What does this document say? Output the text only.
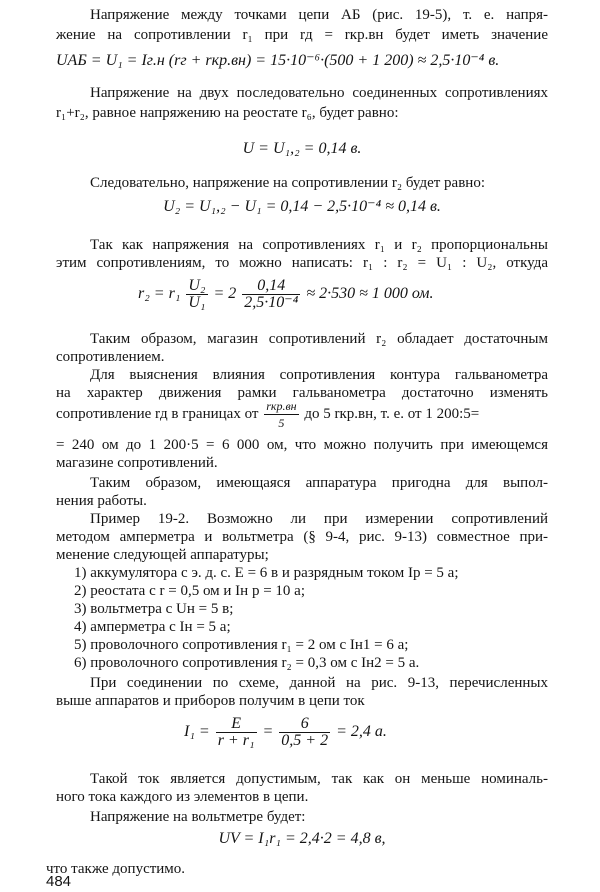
Напряжение между точками цепи АБ (рис. 19-5), т. е. напря-
жение на сопротивлении r₁ при rд = rкр.вн будет иметь значение
UАБ = U₁ = Iг.н (rг + rкр.вн) = 15·10⁻⁶·(500 + 1 200) ≈ 2,5·10⁻⁴ в.
Напряжение на двух последовательно соединенных сопротивлениях
r₁+r₂, равное напряжению на реостате r₆, будет равно:
U = U₁,₂ = 0,14 в.
Следовательно, напряжение на сопротивлении r₂ будет равно:
U₂ = U₁,₂ − U₁ = 0,14 − 2,5·10⁻⁴ ≈ 0,14 в.
Так как напряжения на сопротивлениях r₁ и r₂ пропорциональны
этим сопротивлениям, то можно написать: r₁ : r₂ = U₁ : U₂, откуда
$r_2 = r_1 \frac{\text{U₂}}{\text{U₁}} = 2 \frac{0,14}{\text{2,5·10⁻⁴}} \approx 2\cdot 530 \approx 1$ 000 ом.
Таким образом, магазин сопротивлений r₂ обладает достаточным
сопротивлением.
Для выяснения влияния сопротивления контура гальванометра
на характер движения рамки гальванометра достаточно изменять
сопротивление rд в границах от $\frac{\text{rкр.вн}}{5}$ до 5 rкр.вн, т. е. от 1 200:5=
= 240 ом до 1 200·5 = 6 000 ом, что можно получить при имеющемся
магазине сопротивлений.
Таким образом, имеющаяся аппаратура пригодна для выпол-
нения работы.
Пример 19-2. Возможно ли при измерении сопротивлений
методом амперметра и вольтметра (§ 9-4, рис. 9-13) совместное при-
менение следующей аппаратуры;
1) аккумулятора с э. д. с. E = 6 в и разрядным током Iр = 5 а;
2) реостата с r = 0,5 ом и Iн р = 10 а;
3) вольтметра с Uн = 5 в;
4) амперметра с Iн = 5 а;
5) проволочного сопротивления r₁ = 2 ом с Iн1 = 6 а;
6) проволочного сопротивления r₂ = 0,3 ом с Iн2 = 5 а.
При соединении по схеме, данной на рис. 9-13, перечисленных
выше аппаратов и приборов получим в цепи ток
$I_1 = \frac{E}{\text{r + r₁}} = \frac{6}{0,5 + 2} = 2,4$ а.
Такой ток является допустимым, так как он меньше номиналь-
ного тока каждого из элементов в цепи.
Напряжение на вольтметре будет:
UV = I₁r₁ = 2,4·2 = 4,8 в,
что также допустимо.
484
